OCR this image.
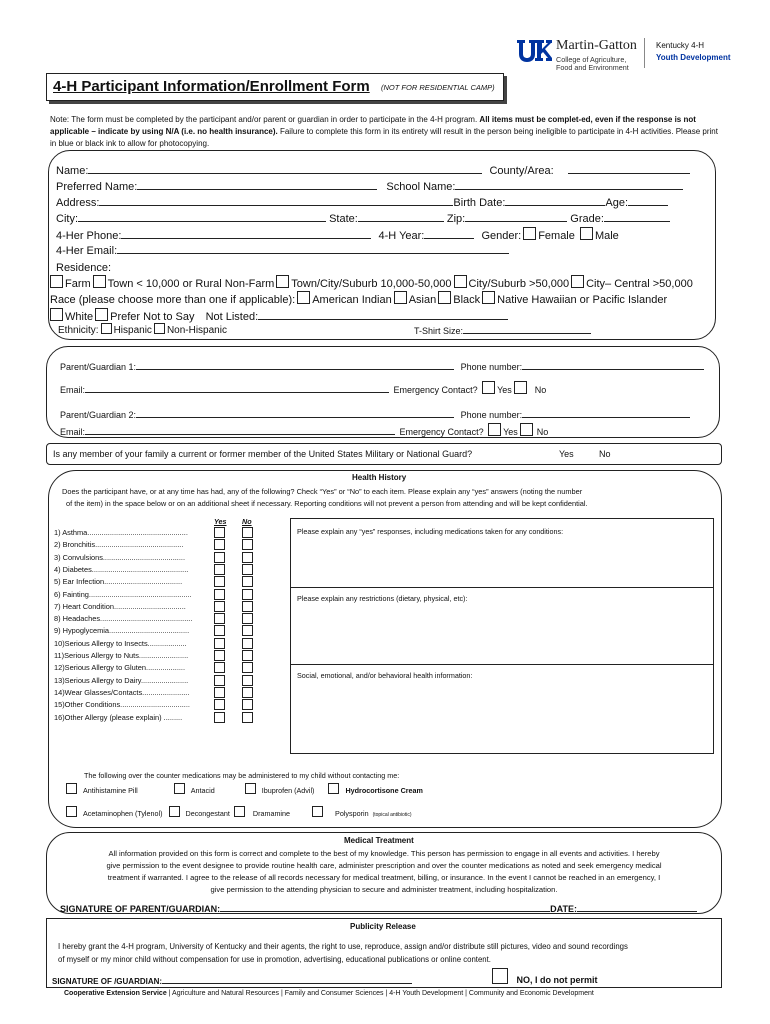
Martin-Gatton
College of Agriculture,
Food and Environment
Kentucky 4-H
Youth Development
4-H Participant Information/Enrollment Form (NOT FOR RESIDENTIAL CAMP)
Note: The form must be completed by the participant and/or parent or guardian in order to participate in the 4-H program. All items must be complet-ed, even if the response is not applicable – indicate by using N/A (i.e. no health insurance). Failure to complete this form in its entirety will result in the person being ineligible to participate in 4-H activities. Please print in blue or black ink to allow for photocopying.
Name:	County/Area:
Preferred Name:	School Name:
Address:	Birth Date:	Age:
City:	State:	Zip:	Grade:
4-Her Phone:	4-H Year:	Gender: Female Male
4-Her Email:
Residence:
Farm Town < 10,000 or Rural Non-Farm Town/City/Suburb 10,000-50,000 City/Suburb >50,000 City– Central >50,000
Race (please choose more than one if applicable): American Indian Asian Black Native Hawaiian or Pacific Islander
White Prefer Not to Say Not Listed:
Ethnicity: Hispanic Non-Hispanic	T-Shirt Size:
Parent/Guardian 1:	Phone number:
Email:	Emergency Contact? Yes	No
Parent/Guardian 2:	Phone number:
Email:	Emergency Contact? Yes No
Is any member of your family a current or former member of the United States Military or National Guard?	Yes	No
Health History
Does the participant have, or at any time has had, any of the following? Check “Yes” or “No” to each item. Please explain any “yes” answers (noting the number
of the item) in the space below or on an additional sheet if necessary. Reporting conditions will not prevent a person from attending and will be kept confidential.
Yes No
1) Asthma.................................................
2) Bronchitis...........................................
3) Convulsions........................................
4) Diabetes...............................................
5) Ear Infection......................................
6) Fainting..................................................
7) Heart Condition...................................
8) Headaches.............................................
9) Hypoglycemia.......................................
10)Serious Allergy to Insects...................
11)Serious Allergy to Nuts........................
12)Serious Allergy to Gluten...................
13)Serious Allergy to Dairy.......................
14)Wear Glasses/Contacts.......................
15)Other Conditions..................................
16)Other Allergy (please explain) .........
Please explain any “yes” responses, including medications taken for any conditions:
Please explain any restrictions (dietary, physical, etc):
Social, emotional, and/or behavioral health information:
The following over the counter medications may be administered to my child without contacting me:
Antihistamine Pill	Antacid	Ibuprofen (Advil)	Hydrocortisone Cream
Acetaminophen (Tylenol)	Decongestant	Dramamine	Polysporin (topical antibiotic)
Medical Treatment
All information provided on this form is correct and complete to the best of my knowledge. This person has permission to engage in all events and activities. I hereby
give permission to the event designee to provide routine health care, administer prescription and over the counter medications as noted and seek emergency medical
treatment if warranted. I agree to the release of all records necessary for medical treatment, billing, or insurance. In the event I cannot be reached in an emergency, I
give permission to the attending physician to secure and administer treatment, including hospitalization.
SIGNATURE OF PARENT/GUARDIAN:	DATE:
Publicity Release
I hereby grant the 4-H program, University of Kentucky and their agents, the right to use, reproduce, assign and/or distribute still pictures, video and sound recordings
of myself or my minor child without compensation for use in promotion, advertising, educational publications or online content.
SIGNATURE OF /GUARDIAN:	NO, I do not permit
Cooperative Extension Service | Agriculture and Natural Resources | Family and Consumer Sciences | 4-H Youth Development | Community and Economic Development
